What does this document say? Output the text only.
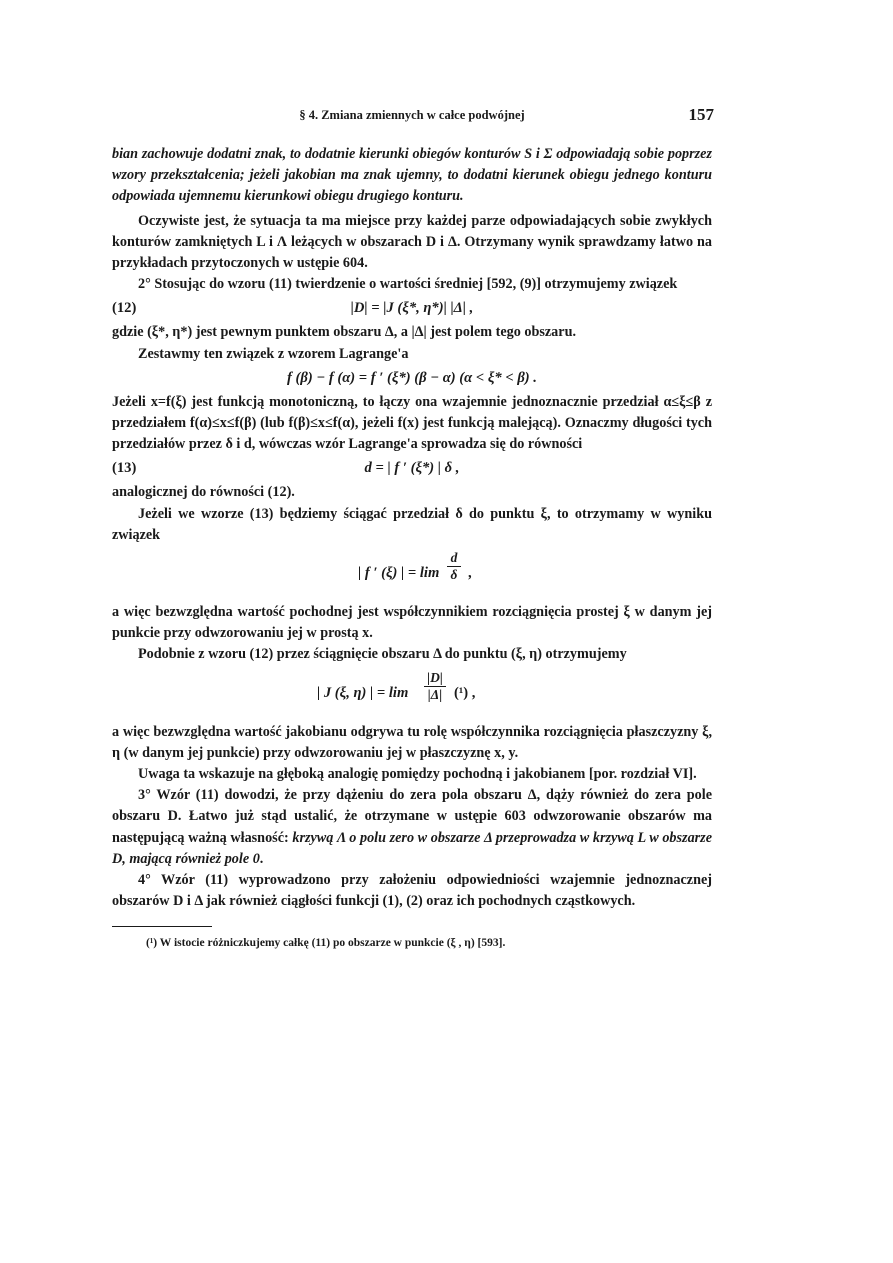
§ 4. Zmiana zmiennych w całce podwójnej	157

bian zachowuje dodatni znak, to dodatnie kierunki obiegów konturów S i Σ odpowiadają sobie poprzez wzory przekształcenia; jeżeli jakobian ma znak ujemny, to dodatni kierunek obiegu jednego konturu odpowiada ujemnemu kierunkowi obiegu drugiego konturu.

Oczywiste jest, że sytuacja ta ma miejsce przy każdej parze odpowiadających sobie zwykłych konturów zamkniętych L i Λ leżących w obszarach D i Δ. Otrzymany wynik sprawdzamy łatwo na przykładach przytoczonych w ustępie 604.

2° Stosując do wzoru (11) twierdzenie o wartości średniej [592, (9)] otrzymujemy związek

(12)	|D| = |J (ξ*, η*)| |Δ| ,

gdzie (ξ*, η*) jest pewnym punktem obszaru Δ, a |Δ| jest polem tego obszaru.

Zestawmy ten związek z wzorem Lagrange'a

f (β) − f (α) = f ′ (ξ*) (β − α) (α < ξ* < β) .

Jeżeli x=f(ξ) jest funkcją monotoniczną, to łączy ona wzajemnie jednoznacznie przedział α≤ξ≤β z przedziałem f(α)≤x≤f(β) (lub f(β)≤x≤f(α), jeżeli f(x) jest funkcją malejącą). Oznaczmy długości tych przedziałów przez δ i d, wówczas wzór Lagrange'a sprowadza się do równości

(13)	d = | f ′ (ξ*) | δ ,

analogicznej do równości (12).

Jeżeli we wzorze (13) będziemy ściągać przedział δ do punktu ξ, to otrzymamy w wyniku związek

| f ′ (ξ) | = lim
d
δ ,

a więc bezwzględna wartość pochodnej jest współczynnikiem rozciągnięcia prostej ξ w danym jej punkcie przy odwzorowaniu jej w prostą x.

Podobnie z wzoru (12) przez ściągnięcie obszaru Δ do punktu (ξ, η) otrzymujemy

| J (ξ, η) | = lim
|D|
|Δ| (¹) ,

a więc bezwzględna wartość jakobianu odgrywa tu rolę współczynnika rozciągnięcia płaszczyzny ξ, η (w danym jej punkcie) przy odwzorowaniu jej w płaszczyznę x, y.

Uwaga ta wskazuje na głęboką analogię pomiędzy pochodną i jakobianem [por. rozdział VI].

3° Wzór (11) dowodzi, że przy dążeniu do zera pola obszaru Δ, dąży również do zera pole obszaru D. Łatwo już stąd ustalić, że otrzymane w ustępie 603 odwzorowanie obszarów ma następującą ważną własność: krzywą Λ o polu zero w obszarze Δ przeprowadza w krzywą L w obszarze D, mającą również pole 0.

4° Wzór (11) wyprowadzono przy założeniu odpowiedniości wzajemnie jednoznacznej obszarów D i Δ jak również ciągłości funkcji (1), (2) oraz ich pochodnych cząstkowych.

(¹) W istocie różniczkujemy całkę (11) po obszarze w punkcie (ξ , η) [593].
